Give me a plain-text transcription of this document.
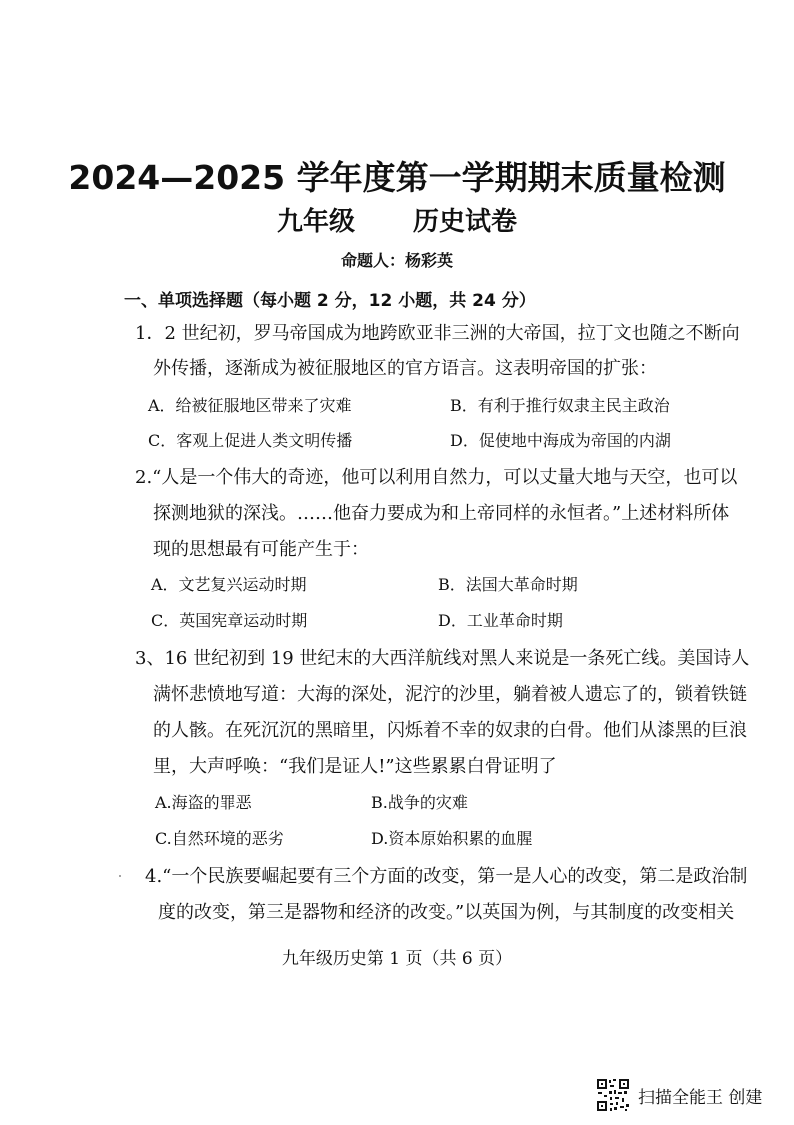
2024—2025 学年度第一学期期末质量检测
九年级 历史试卷
命题人：杨彩英
一、单项选择题（每小题 2 分，12 小题，共 24 分）
1．2 世纪初，罗马帝国成为地跨欧亚非三洲的大帝国，拉丁文也随之不断向
外传播，逐渐成为被征服地区的官方语言。这表明帝国的扩张：
A．给被征服地区带来了灾难	B．有利于推行奴隶主民主政治
C．客观上促进人类文明传播	D．促使地中海成为帝国的内湖
2.“人是一个伟大的奇迹，他可以利用自然力，可以丈量大地与天空，也可以
探测地狱的深浅。……他奋力要成为和上帝同样的永恒者。”上述材料所体
现的思想最有可能产生于：
A．文艺复兴运动时期	B．法国大革命时期
C．英国宪章运动时期	D．工业革命时期
3、16 世纪初到 19 世纪末的大西洋航线对黑人来说是一条死亡线。美国诗人
满怀悲愤地写道：大海的深处，泥泞的沙里，躺着被人遗忘了的，锁着铁链
的人骸。在死沉沉的黑暗里，闪烁着不幸的奴隶的白骨。他们从漆黑的巨浪
里，大声呼唤：“我们是证人!”这些累累白骨证明了
A.海盗的罪恶	B.战争的灾难
C.自然环境的恶劣	D.资本原始积累的血腥
4.“一个民族要崛起要有三个方面的改变，第一是人心的改变，第二是政治制
度的改变，第三是器物和经济的改变。”以英国为例，与其制度的改变相关
九年级历史第 1 页（共 6 页）
扫描全能王 创建
